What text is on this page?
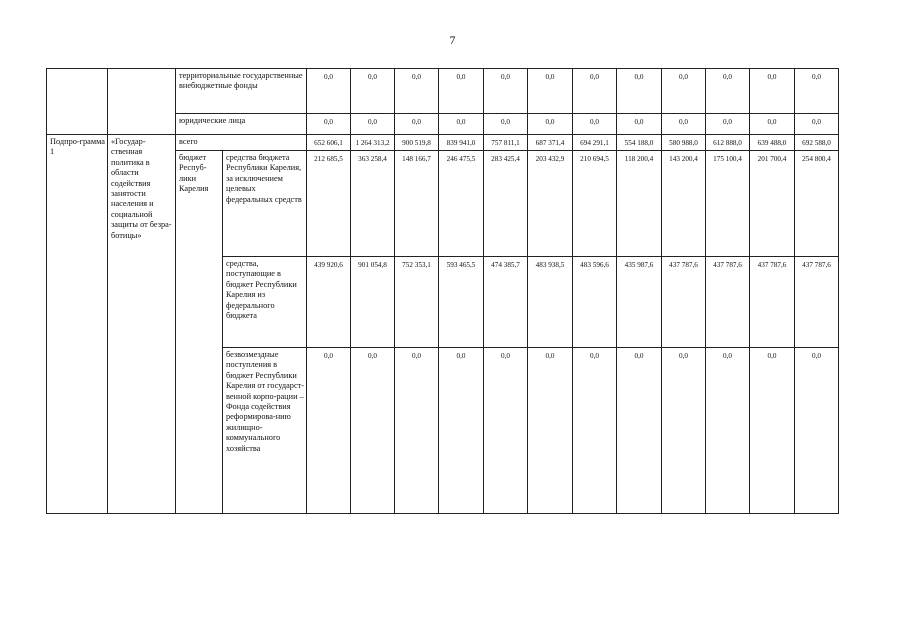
7
		территориальные государственные внебюджетные фонды		0,0	0,0	0,0	0,0	0,0	0,0	0,0	0,0	0,0	0,0	0,0	0,0
		юридические лица		0,0	0,0	0,0	0,0	0,0	0,0	0,0	0,0	0,0	0,0	0,0	0,0
Подпро-грамма 1	«Государ-ственная политика в области содействия занятости населения и социальной защиты от безра-ботицы»	всего		652 606,1	1 264 313,2	900 519,8	839 941,0	757 811,1	687 371,4	694 291,1	554 188,0	580 988,0	612 888,0	639 488,0	692 588,0
		бюджет Респуб-лики Карелия	средства бюджета Республики Карелия, за исключением целевых федеральных средств	212 685,5	363 258,4	148 166,7	246 475,5	283 425,4	203 432,9	210 694,5	118 200,4	143 200,4	175 100,4	201 700,4	254 800,4
			средства, поступающие в бюджет Республики Карелия из федерального бюджета	439 920,6	901 054,8	752 353,1	593 465,5	474 385,7	483 938,5	483 596,6	435 987,6	437 787,6	437 787,6	437 787,6	437 787,6
			безвозмездные поступления в бюджет Республики Карелия от государст-венной корпо-рации – Фонда содействия реформирова-нию жилищно-коммунального хозяйства	0,0	0,0	0,0	0,0	0,0	0,0	0,0	0,0	0,0	0,0	0,0	0,0
